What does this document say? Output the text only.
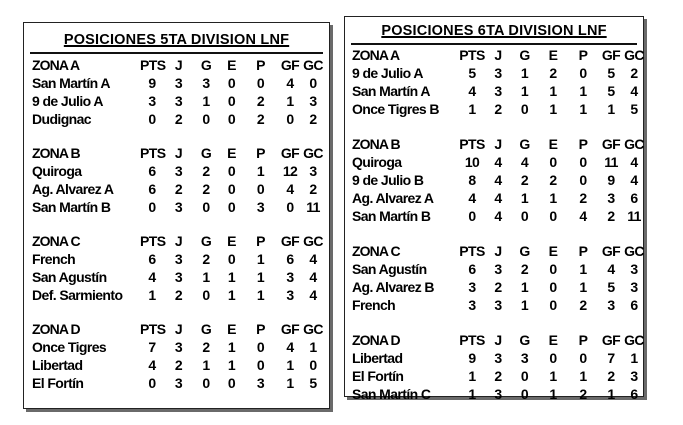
POSICIONES 5TA DIVISION LNF
ZONA A	PTS J	G	E	P	GF GC
San Martín A	9	3	3	0	0	4	0
9 de Julio A	3	3	1	0	2	1	3
Dudignac	0	2	0	0	2	0	2
ZONA B	PTS J	G	E	P	GF GC
Quiroga	6	3	2	0	1	12 3
Ag. Alvarez A	6	2	2	0	0	4	2
San Martín B	0	3	0	0	3	0 11
ZONA C	PTS J	G	E	P	GF GC
French	6	3	2	0	1	6	4
San Agustín	4	3	1	1	1	3	4
Def. Sarmiento	1	2	0	1	1	3	4
ZONA D	PTS J	G	E	P	GF GC
Once Tigres	7	3	2	1	0	4	1
Libertad	4	2	1	1	0	1	0
El Fortín	0	3	0	0	3	1	5
POSICIONES 6TA DIVISION LNF
ZONA A	PTS J	G	E	P	GF GC
9 de Julio A	5	3	1	2	0	5	2
San Martín A	4	3	1	1	1	5	4
Once Tigres B	1	2	0	1	1	1	5
ZONA B	PTS J	G	E	P	GF GC
Quiroga	10	4	4	0	0	11 4
9 de Julio B	8	4	2	2	0	9	4
Ag. Alvarez A	4	4	1	1	2	3	6
San Martín B	0	4	0	0	4	2 11
ZONA C	PTS J	G	E	P	GF GC
San Agustín	6	3	2	0	1	4	3
Ag. Alvarez B	3	2	1	0	1	5	3
French	3	3	1	0	2	3	6
ZONA D	PTS J	G	E	P	GF GC
Libertad	9	3	3	0	0	7	1
El Fortín	1	2	0	1	1	2	3
San Martín C	1	3	0	1	2	1	6
